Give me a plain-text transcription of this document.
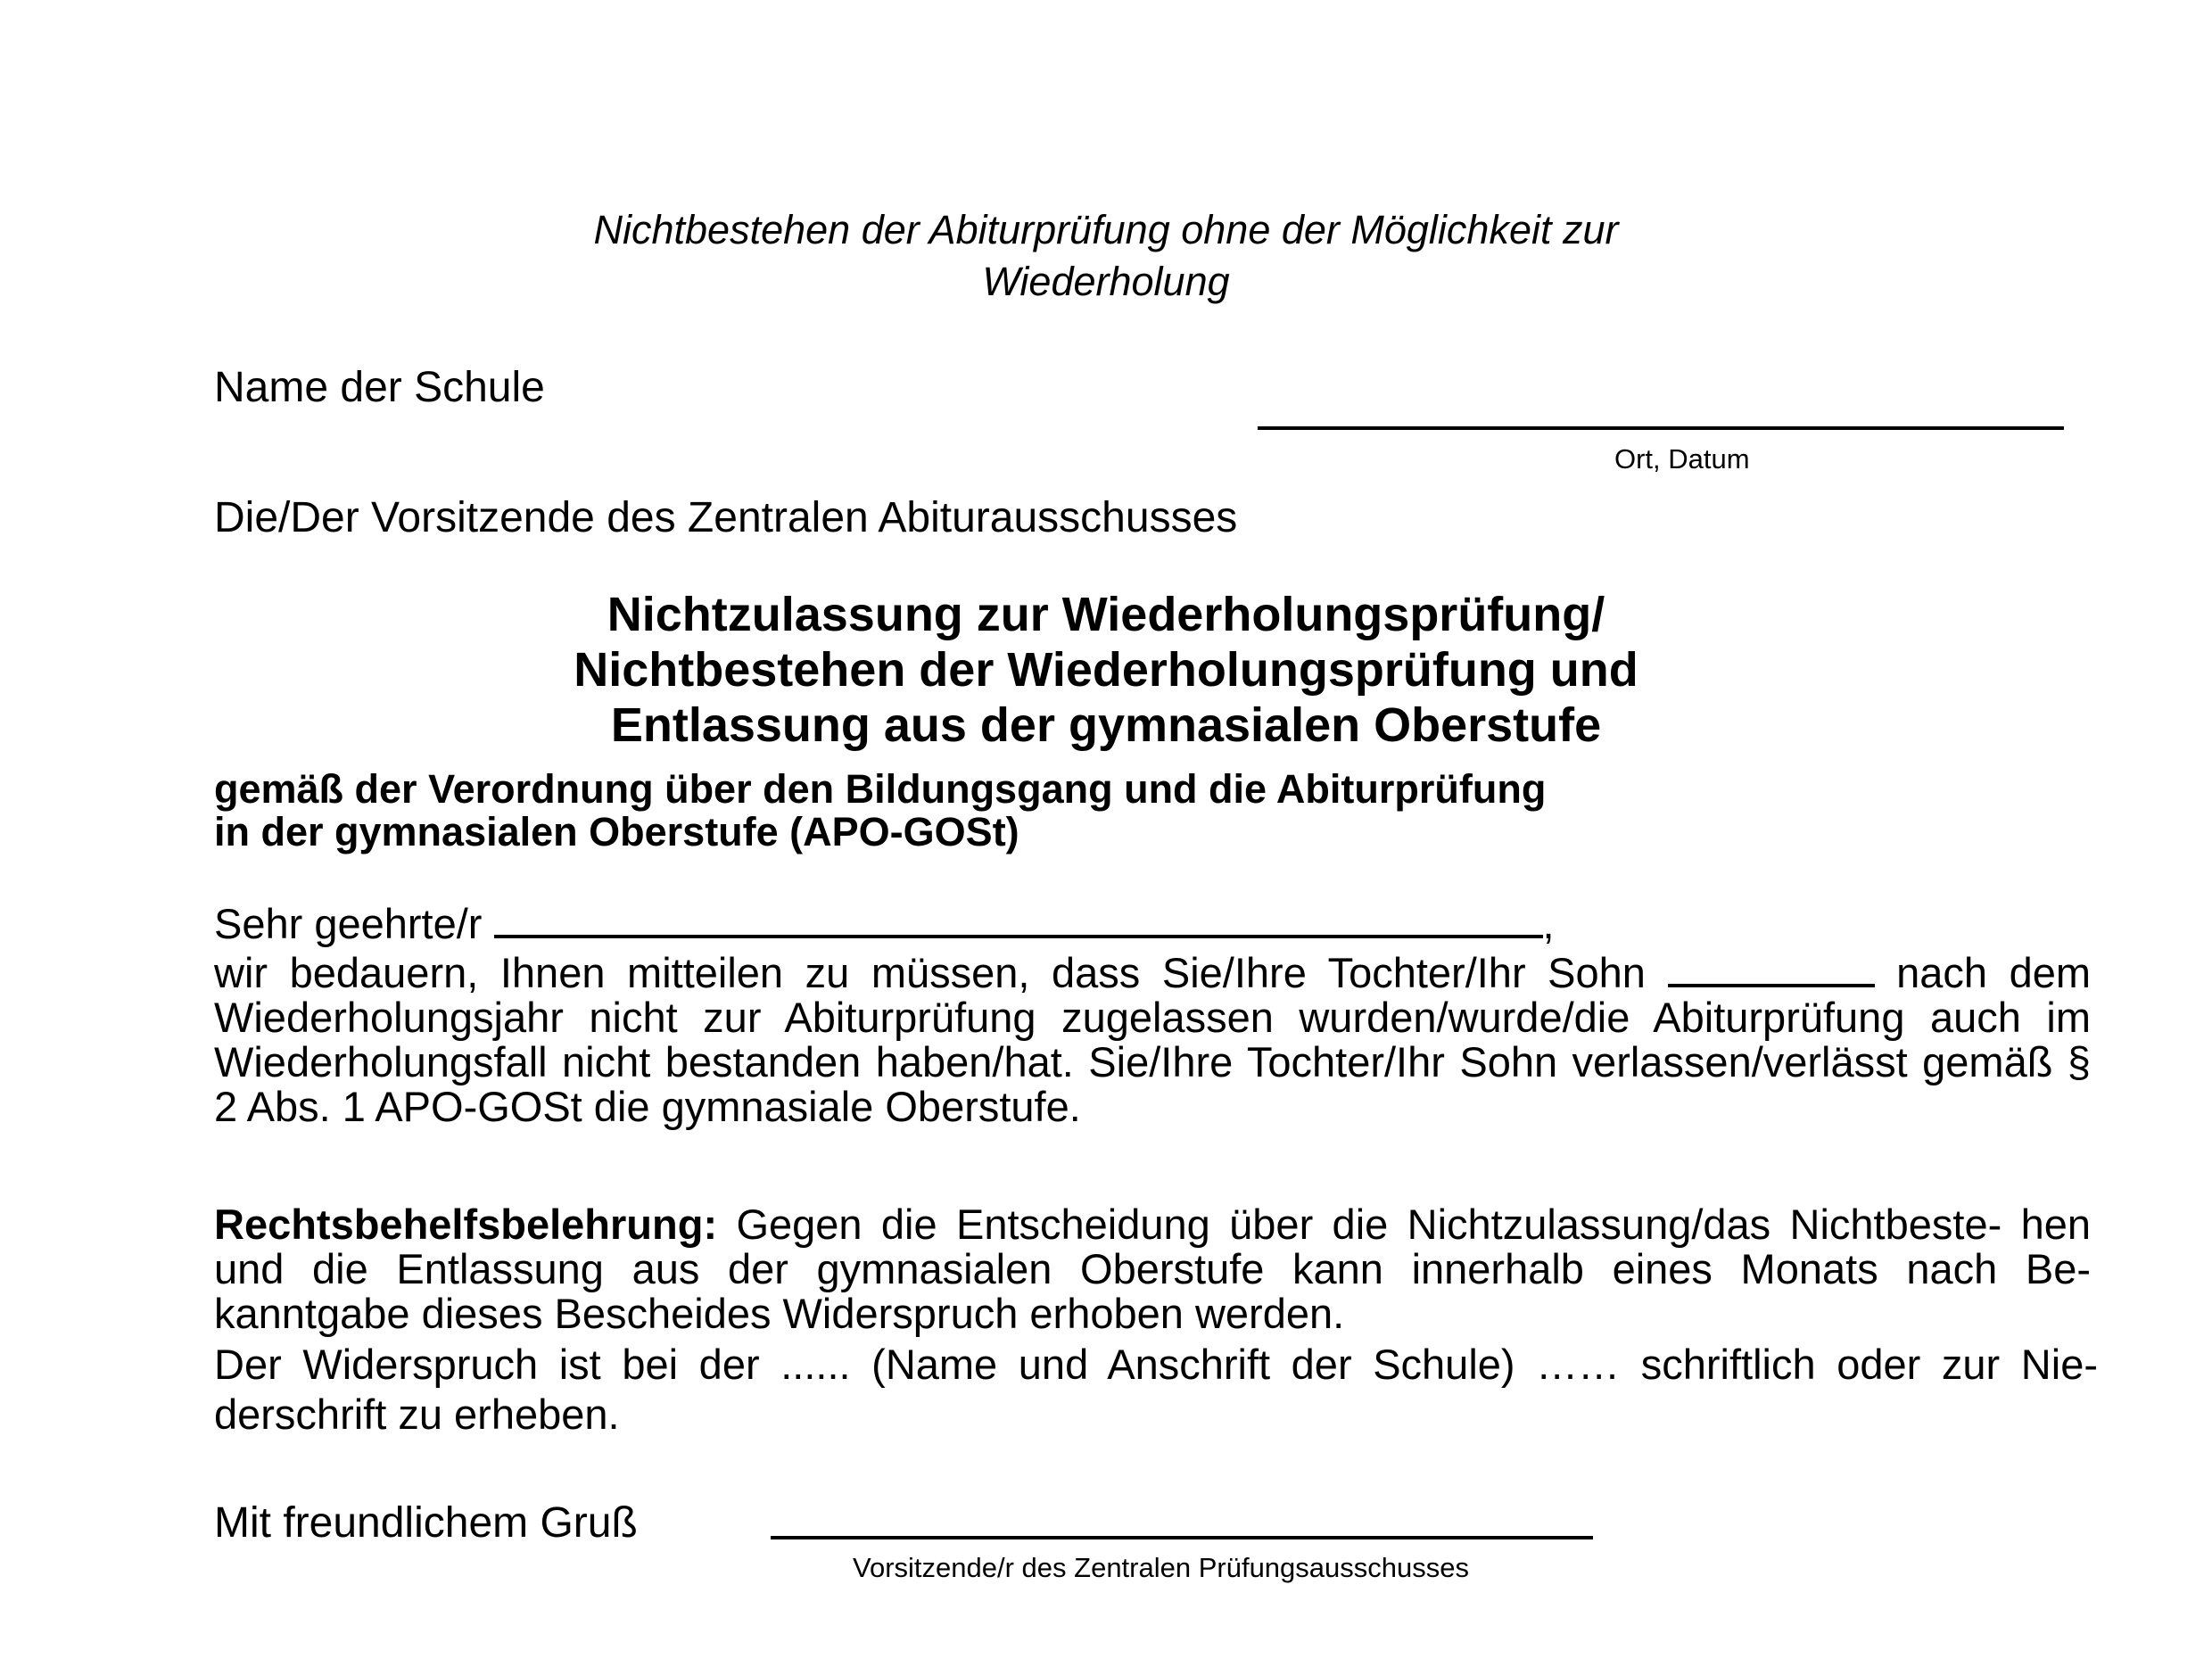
Nichtbestehen der Abiturprüfung ohne der Möglichkeit zur
Wiederholung
Name der Schule
Ort, Datum
Die/Der Vorsitzende des Zentralen Abiturausschusses
Nichtzulassung zur Wiederholungsprüfung/
Nichtbestehen der Wiederholungsprüfung und
Entlassung aus der gymnasialen Oberstufe
gemäß der Verordnung über den Bildungsgang und die Abiturprüfung
in der gymnasialen Oberstufe (APO-GOSt)
Sehr geehrte/r	,
wir bedauern, Ihnen mitteilen zu müssen, dass Sie/Ihre Tochter/Ihr Sohn	nach dem Wiederholungsjahr nicht zur Abiturprüfung zugelassen wurden/wurde/die Abiturprüfung auch im Wiederholungsfall nicht bestanden haben/hat. Sie/Ihre Tochter/Ihr Sohn verlassen/verlässt gemäß § 2 Abs. 1 APO-GOSt die gymnasiale Oberstufe.
Rechtsbehelfsbelehrung: Gegen die Entscheidung über die Nichtzulassung/das Nichtbeste- hen und die Entlassung aus der gymnasialen Oberstufe kann innerhalb eines Monats nach Be- kanntgabe dieses Bescheides Widerspruch erhoben werden.
Der Widerspruch ist bei der ...... (Name und Anschrift der Schule) …… schriftlich oder zur Nie- derschrift zu erheben.
Mit freundlichem Gruß
Vorsitzende/r des Zentralen Prüfungsausschusses
